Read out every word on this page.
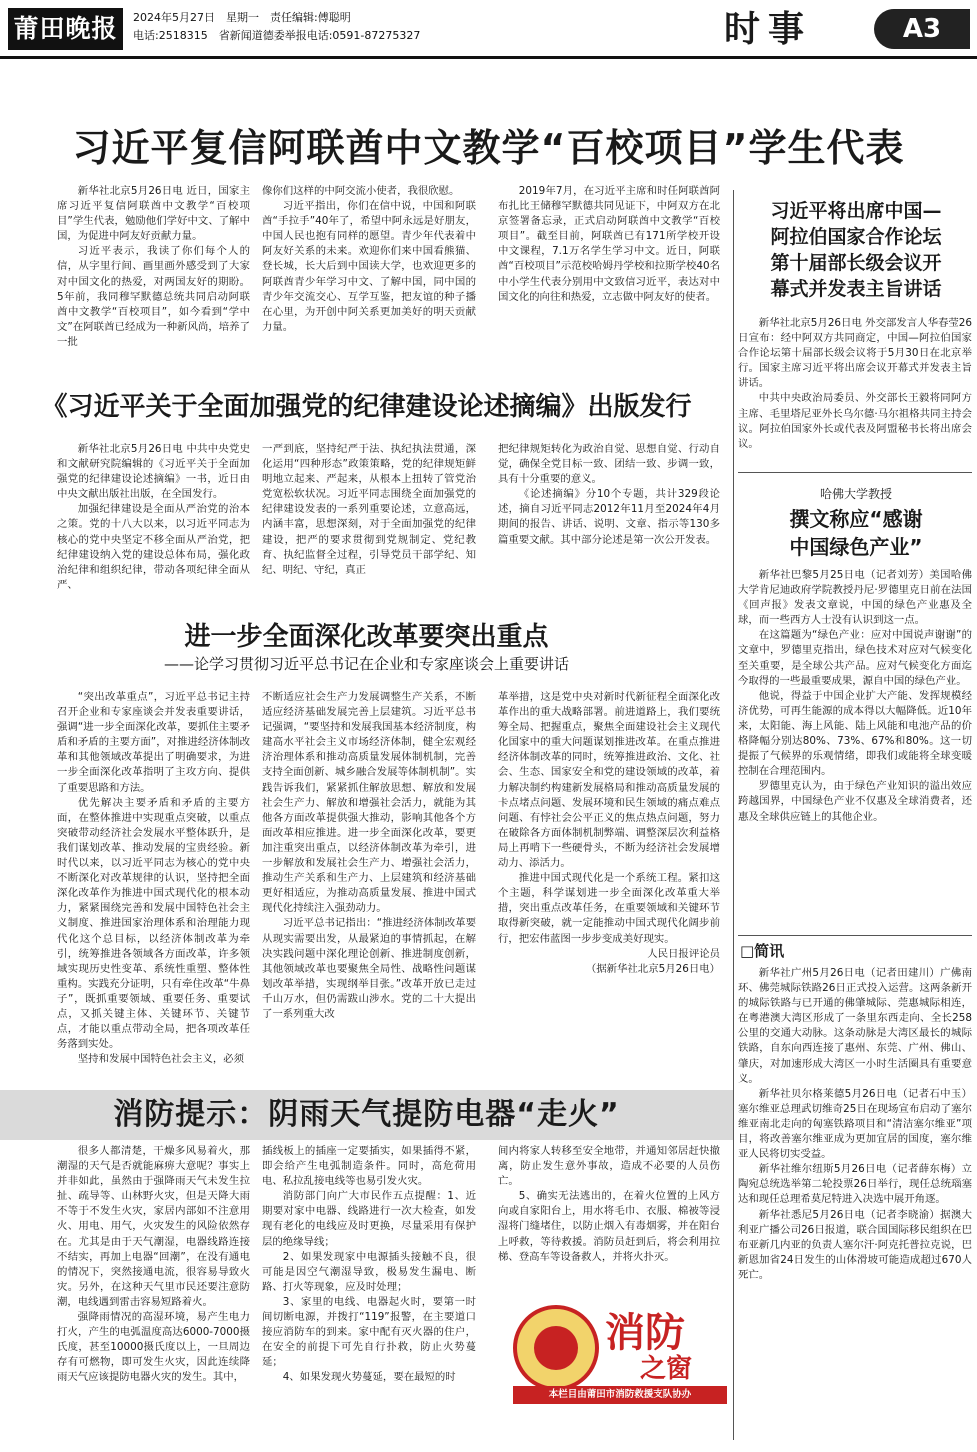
莆田晚报	2024年5月27日　星期一　责任编辑:傅聪明
电话:2518315　省新闻道德委举报电话:0591-87275327	时事	A3
习近平复信阿联酋中文教学“百校项目”学生代表

新华社北京5月26日电 近日，国家主席习近平复信阿联酋中文教学“百校项目”学生代表，勉励他们学好中文、了解中国，为促进中阿友好贡献力量。

习近平表示，我读了你们每个人的信，从字里行间、画里画外感受到了大家对中国文化的热爱，对两国友好的期盼。5年前，我同穆罕默德总统共同启动阿联酋中文教学“百校项目”，如今看到“学中文”在阿联酋已经成为一种新风尚，培养了一批

像你们这样的中阿交流小使者，我很欣慰。

习近平指出，你们在信中说，中国和阿联酋“手拉手”40年了，希望中阿永远是好朋友，中国人民也抱有同样的愿望。青少年代表着中阿友好关系的未来。欢迎你们来中国看熊猫、登长城，长大后到中国读大学，也欢迎更多的阿联酋青少年学习中文、了解中国，同中国的青少年交流交心、互学互鉴，把友谊的种子播在心里，为开创中阿关系更加美好的明天贡献力量。

2019年7月，在习近平主席和时任阿联酋阿布扎比王储穆罕默德共同见证下，中阿双方在北京签署备忘录，正式启动阿联酋中文教学“百校项目”。截至目前，阿联酋已有171所学校开设中文课程，7.1万名学生学习中文。近日，阿联酋“百校项目”示范校哈姆丹学校和拉斯学校40名中小学生代表分别用中文致信习近平，表达对中国文化的向往和热爱，立志做中阿友好的使者。

《习近平关于全面加强党的纪律建设论述摘编》出版发行

新华社北京5月26日电 中共中央党史和文献研究院编辑的《习近平关于全面加强党的纪律建设论述摘编》一书，近日由中央文献出版社出版，在全国发行。

加强纪律建设是全面从严治党的治本之策。党的十八大以来，以习近平同志为核心的党中央坚定不移全面从严治党，把纪律建设纳入党的建设总体布局，强化政治纪律和组织纪律，带动各项纪律全面从严、

一严到底，坚持纪严于法、执纪执法贯通，深化运用“四种形态”政策策略，党的纪律规矩鲜明地立起来、严起来，从根本上扭转了管党治党宽松软状况。习近平同志围绕全面加强党的纪律建设发表的一系列重要论述，立意高远，内涵丰富，思想深刻，对于全面加强党的纪律建设，把严的要求贯彻到党规制定、党纪教育、执纪监督全过程，引导党员干部学纪、知纪、明纪、守纪，真正

把纪律规矩转化为政治自觉、思想自觉、行动自觉，确保全党目标一致、团结一致、步调一致，具有十分重要的意义。

《论述摘编》分10个专题，共计329段论述，摘自习近平同志2012年11月至2024年4月期间的报告、讲话、说明、文章、指示等130多篇重要文献。其中部分论述是第一次公开发表。

进一步全面深化改革要突出重点
——论学习贯彻习近平总书记在企业和专家座谈会上重要讲话

“突出改革重点”，习近平总书记主持召开企业和专家座谈会并发表重要讲话，强调“进一步全面深化改革，要抓住主要矛盾和矛盾的主要方面”，对推进经济体制改革和其他领域改革提出了明确要求，为进一步全面深化改革指明了主攻方向、提供了重要思路和方法。

优先解决主要矛盾和矛盾的主要方面，在整体推进中实现重点突破，以重点突破带动经济社会发展水平整体跃升，是我们谋划改革、推动发展的宝贵经验。新时代以来，以习近平同志为核心的党中央不断深化对改革规律的认识，坚持把全面深化改革作为推进中国式现代化的根本动力，紧紧围绕完善和发展中国特色社会主义制度、推进国家治理体系和治理能力现代化这个总目标，以经济体制改革为牵引，统筹推进各领域各方面改革，许多领域实现历史性变革、系统性重塑、整体性重构。实践充分证明，只有牵住改革“牛鼻子”，既抓重要领域、重要任务、重要试点，又抓关键主体、关键环节、关键节点，才能以重点带动全局，把各项改革任务落到实处。

坚持和发展中国特色社会主义，必须

不断适应社会生产力发展调整生产关系，不断适应经济基础发展完善上层建筑。习近平总书记强调，“要坚持和发展我国基本经济制度，构建高水平社会主义市场经济体制，健全宏观经济治理体系和推动高质量发展体制机制，完善支持全面创新、城乡融合发展等体制机制”。实践告诉我们，紧紧抓住解放思想、解放和发展社会生产力、解放和增强社会活力，就能为其他各方面改革提供强大推动，影响其他各个方面改革相应推进。进一步全面深化改革，要更加注重突出重点，以经济体制改革为牵引，进一步解放和发展社会生产力、增强社会活力，推动生产关系和生产力、上层建筑和经济基础更好相适应，为推动高质量发展、推进中国式现代化持续注入强劲动力。

习近平总书记指出：“推进经济体制改革要从现实需要出发，从最紧迫的事情抓起，在解决实践问题中深化理论创新、推进制度创新，其他领域改革也要聚焦全局性、战略性问题谋划改革举措，实现纲举目张。”改革开放已走过千山万水，但仍需跋山涉水。党的二十大提出了一系列重大改

革举措，这是党中央对新时代新征程全面深化改革作出的重大战略部署。前进道路上，我们要统筹全局、把握重点，聚焦全面建设社会主义现代化国家中的重大问题谋划推进改革。在重点推进经济体制改革的同时，统筹推进政治、文化、社会、生态、国家安全和党的建设领域的改革，着力解决制约构建新发展格局和推动高质量发展的卡点堵点问题、发展环境和民生领域的痛点难点问题、有悖社会公平正义的焦点热点问题，努力在破除各方面体制机制弊端、调整深层次利益格局上再啃下一些硬骨头，不断为经济社会发展增动力、添活力。

推进中国式现代化是一个系统工程。紧扣这个主题，科学谋划进一步全面深化改革重大举措，突出重点改革任务，在重要领域和关键环节取得新突破，就一定能推动中国式现代化阔步前行，把宏伟蓝图一步步变成美好现实。

人民日报评论员

（据新华社北京5月26日电）

习近平将出席中国—
阿拉伯国家合作论坛
第十届部长级会议开
幕式并发表主旨讲话

新华社北京5月26日电 外交部发言人华春莹26日宣布：经中阿双方共同商定，中国—阿拉伯国家合作论坛第十届部长级会议将于5月30日在北京举行。国家主席习近平将出席会议开幕式并发表主旨讲话。

中共中央政治局委员、外交部长王毅将同阿方主席、毛里塔尼亚外长乌尔德·马尔祖格共同主持会议。阿拉伯国家外长或代表及阿盟秘书长将出席会议。

哈佛大学教授
撰文称应“感谢
中国绿色产业”

新华社巴黎5月25日电（记者刘芳）美国哈佛大学肯尼迪政府学院教授丹尼·罗德里克日前在法国《回声报》发表文章说，中国的绿色产业惠及全球，而一些西方人士没有认识到这一点。

在这篇题为“绿色产业：应对中国说声谢谢”的文章中，罗德里克指出，绿色技术对应对气候变化至关重要，是全球公共产品。应对气候变化方面迄今取得的一些最重要成果，源自中国的绿色产业。

他说，得益于中国企业扩大产能、发挥规模经济优势，可再生能源的成本得以大幅降低。近10年来，太阳能、海上风能、陆上风能和电池产品的价格降幅分别达80%、73%、67%和80%。这一切提振了气候界的乐观情绪，即我们或能将全球变暖控制在合理范围内。

罗德里克认为，由于绿色产业知识的溢出效应跨越国界，中国绿色产业不仅惠及全球消费者，还惠及全球供应链上的其他企业。

□简讯

新华社广州5月26日电（记者田建川）广佛南环、佛莞城际铁路26日正式投入运营。这两条新开的城际铁路与已开通的佛肇城际、莞惠城际相连，在粤港澳大湾区形成了一条里东西走向、全长258公里的交通大动脉。这条动脉是大湾区最长的城际铁路，自东向西连接了惠州、东莞、广州、佛山、肇庆，对加速形成大湾区一小时生活圈具有重要意义。

新华社贝尔格莱德5月26日电（记者石中玉）塞尔维亚总理武切维奇25日在现场宣布启动了塞尔维亚南北走向的匈塞铁路项目和“清洁塞尔维亚”项目，将改善塞尔维亚成为更加宜居的国度，塞尔维亚人民将切实受益。

新华社维尔纽斯5月26日电（记者薛东梅）立陶宛总统选举第二轮投票26日举行，现任总统瑙塞达和现任总理希莫尼特进入决选中展开角逐。

新华社悉尼5月26日电（记者李晓渝）据澳大利亚广播公司26日报道，联合国国际移民组织在巴布亚新几内亚的负责人塞尔汗·阿克托普拉克说，巴新恩加省24日发生的山体滑坡可能造成超过670人死亡。

消防提示：阴雨天气提防电器“走火”

很多人都清楚，干燥多风易着火，那潮湿的天气是否就能麻痹大意呢？事实上并非如此，虽然由于强降雨天气未发生拉扯、疏导等、山林野火灾，但是天降大雨不等于不发生火灾，家居内部如不注意用火、用电、用气，火灾发生的风险依然存在。尤其是由于天气潮湿，电器线路连接不结实，再加上电器“回潮”，在没有通电的情况下，突然接通电流，很容易导致火灾。另外，在这种天气里市民还要注意防潮，电线遇到雷击容易短路着火。

强降雨情况的高湿环境，易产生电力打火，产生的电弧温度高达6000-7000摄氏度，甚至10000摄氏度以上，一旦周边存有可燃物，即可发生火灾，因此连续降雨天气应该提防电器火灾的发生。其中，

插线板上的插座一定要插实，如果插得不紧，即会给产生电弧制造条件。同时，高危荷用电、私拉乱接电线等也易引发火灾。

消防部门向广大市民作五点提醒：1、近期要对家中电器、线路进行一次大检查，如发现有老化的电线应及时更换，尽量采用有保护层的绝缘导线；

2、如果发现家中电源插头接触不良，很可能是因空气潮湿导致，极易发生漏电、断路、打火等现象，应及时处理；

3、家里的电线、电器起火时，要第一时间切断电源，并拨打“119”报警，在主要道口接应消防车的到来。家中配有灭火器的住户，在安全的前提下可先自行扑救，防止火势蔓延；

4、如果发现火势蔓延，要在最短的时

间内将家人转移至安全地带，并通知邻居赶快撤离，防止发生意外事故，造成不必要的人员伤亡。

5、确实无法逃出的，在着火位置的上风方向或自家阳台上，用水将毛巾、衣服、棉被等浸湿将门缝堵住，以防止烟入有毒烟雾，并在阳台上呼救，等待救援。消防员赶到后，将会利用拉梯、登高车等设备救人，并将火扑灭。

消防
之窗
本栏目由莆田市消防救援支队协办
